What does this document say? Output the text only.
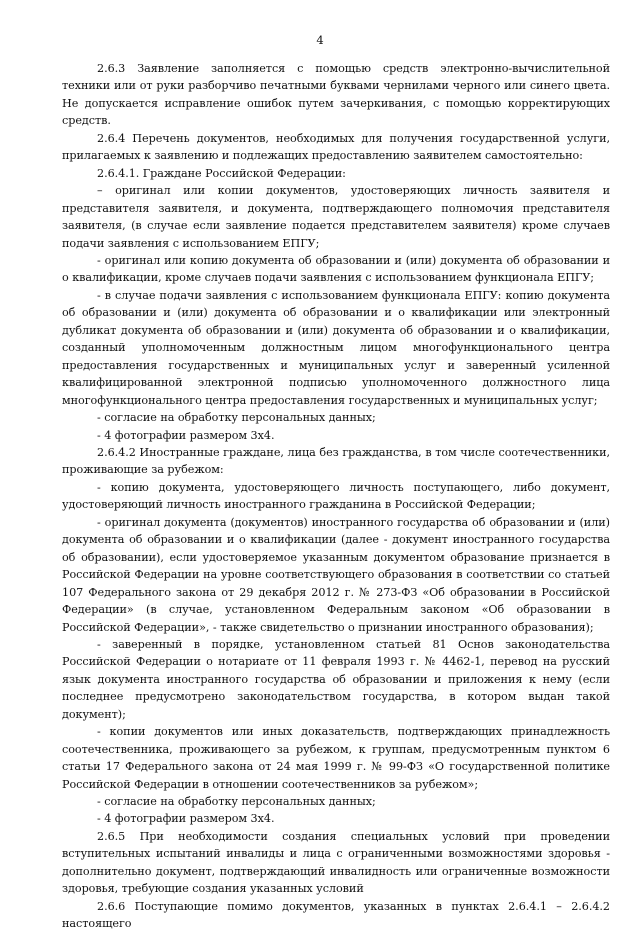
4

2.6.3 Заявление заполняется с помощью средств электронно-вычислительной техники или от руки разборчиво печатными буквами чернилами черного или синего цвета. Не допускается исправление ошибок путем зачеркивания, с помощью корректирующих средств.

2.6.4 Перечень документов, необходимых для получения государственной услуги, прилагаемых к заявлению и подлежащих предоставлению заявителем самостоятельно:

2.6.4.1. Граждане Российской Федерации:

– оригинал или копии документов, удостоверяющих личность заявителя и представителя заявителя, и документа, подтверждающего полномочия представителя заявителя, (в случае если заявление подается представителем заявителя) кроме случаев подачи заявления с использованием ЕПГУ;

- оригинал или копию документа об образовании и (или) документа об образовании и о квалификации, кроме случаев подачи заявления с использованием функционала ЕПГУ;

- в случае подачи заявления с использованием функционала ЕПГУ: копию документа об образовании и (или) документа об образовании и о квалификации или электронный дубликат документа об образовании и (или) документа об образовании и о квалификации, созданный уполномоченным должностным лицом многофункционального центра предоставления государственных и муниципальных услуг и заверенный усиленной квалифицированной электронной подписью уполномоченного должностного лица многофункционального центра предоставления государственных и муниципальных услуг;

- согласие на обработку персональных данных;

- 4 фотографии размером 3х4.

2.6.4.2 Иностранные граждане, лица без гражданства, в том числе соотечественники, проживающие за рубежом:

- копию документа, удостоверяющего личность поступающего, либо документ, удостоверяющий личность иностранного гражданина в Российской Федерации;

- оригинал документа (документов) иностранного государства об образовании и (или) документа об образовании и о квалификации (далее - документ иностранного государства об образовании), если удостоверяемое указанным документом образование признается в Российской Федерации на уровне соответствующего образования в соответствии со статьей 107 Федерального закона от 29 декабря 2012 г. № 273-ФЗ «Об образовании в Российской Федерации» (в случае, установленном Федеральным законом «Об образовании в Российской Федерации», - также свидетельство о признании иностранного образования);

- заверенный в порядке, установленном статьей 81 Основ законодательства Российской Федерации о нотариате от 11 февраля 1993 г. № 4462-1, перевод на русский язык документа иностранного государства об образовании и приложения к нему (если последнее предусмотрено законодательством государства, в котором выдан такой документ);

- копии документов или иных доказательств, подтверждающих принадлежность соотечественника, проживающего за рубежом, к группам, предусмотренным пунктом 6 статьи 17 Федерального закона от 24 мая 1999 г. № 99-ФЗ «О государственной политике Российской Федерации в отношении соотечественников за рубежом»;

- согласие на обработку персональных данных;

- 4 фотографии размером 3х4.

2.6.5 При необходимости создания специальных условий при проведении вступительных испытаний инвалиды и лица с ограниченными возможностями здоровья - дополнительно документ, подтверждающий инвалидность или ограниченные возможности здоровья, требующие создания указанных условий

2.6.6 Поступающие помимо документов, указанных в пунктах 2.6.4.1 – 2.6.4.2 настоящего
